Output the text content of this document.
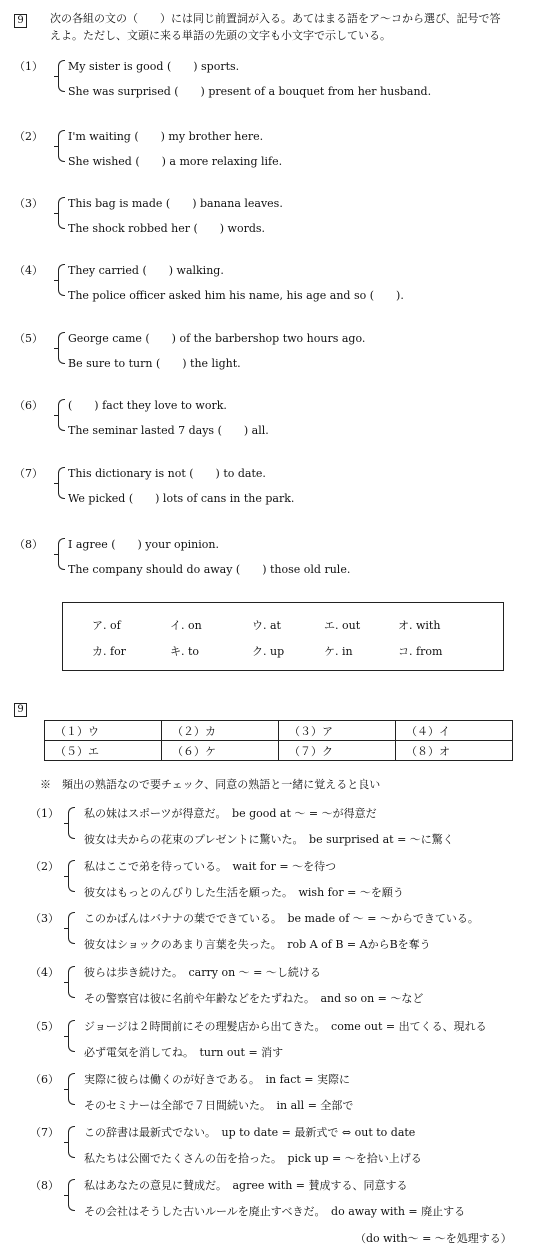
9	次の各組の文の（　　）には同じ前置詞が入る。あてはまる語をア～コから選び、記号で答
えよ。ただし、文頭に来る単語の先頭の文字も小文字で示している。
（1） My sister is good (　　) sports.
She was surprised (　　) present of a bouquet from her husband.
（2） I'm waiting (　　) my brother here.
She wished (　　) a more relaxing life.
（3） This bag is made (　　) banana leaves.
The shock robbed her (　　) words.
（4） They carried (　　) walking.
The police officer asked him his name, his age and so (　　).
（5） George came (　　) of the barbershop two hours ago.
Be sure to turn (　　) the light.
（6） (　　) fact they love to work.
The seminar lasted 7 days (　　) all.
（7） This dictionary is not (　　) to date.
We picked (　　) lots of cans in the park.
（8） I agree (　　) your opinion.
The company should do away (　　) those old rule.
ア. of	イ. on	ウ. at	エ. out	オ. with
カ. for	キ. to	ク. up	ケ. in	コ. from
9
（１）ウ	（２）カ	（３）ア	（４）イ
（５）エ	（６）ケ	（７）ク	（８）オ
※　頻出の熟語なので要チェック、同意の熟語と一緒に覚えると良い
（1） 私の妹はスポーツが得意だ。　be good at ～ = ～が得意だ
彼女は夫からの花束のプレゼントに驚いた。　be surprised at = ～に驚く
（2） 私はここで弟を待っている。　wait for = ～を待つ
彼女はもっとのんびりした生活を願った。　wish for = ～を願う
（3） このかばんはバナナの葉でできている。　be made of ～ = ～からできている。
彼女はショックのあまり言葉を失った。　rob A of B = AからBを奪う
（4） 彼らは歩き続けた。　carry on ～ = ～し続ける
その警察官は彼に名前や年齢などをたずねた。　and so on = ～など
（5） ジョージは２時間前にその理髪店から出てきた。　come out = 出てくる、現れる
必ず電気を消してね。　turn out = 消す
（6） 実際に彼らは働くのが好きである。　in fact = 実際に
そのセミナーは全部で７日間続いた。　in all = 全部で
（7） この辞書は最新式でない。　up to date = 最新式で ⇔ out to date
私たちは公園でたくさんの缶を拾った。　pick up = ～を拾い上げる
（8） 私はあなたの意見に賛成だ。　agree with = 賛成する、同意する
その会社はそうした古いルールを廃止すべきだ。　do away with = 廃止する
（do with～ = ～を処理する）
